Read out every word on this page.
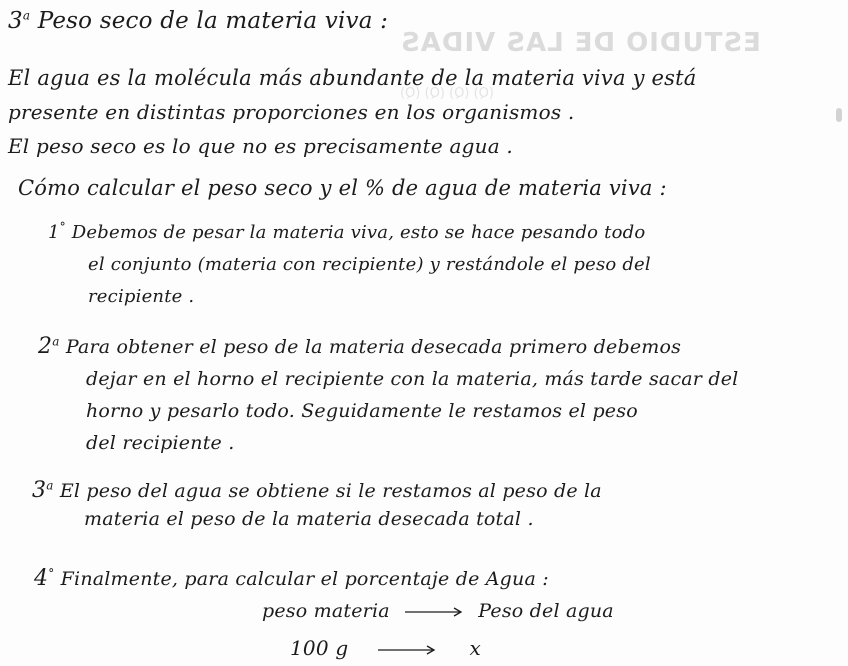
ESTUDIO DE LAS VIDAS
(Q) (Q) (Q) (Q)
3$^a$ Peso seco de la materia viva :
El agua es la molécula más abundante de la materia viva y está
presente en distintas proporciones en los organismos .
El peso seco es lo que no es precisamente agua .
Cómo calcular el peso seco y el % de agua de materia viva :
1° Debemos de pesar la materia viva, esto se hace pesando todo
el conjunto (materia con recipiente) y restándole el peso del
recipiente .
2$^a$ Para obtener el peso de la materia desecada primero debemos
dejar en el horno el recipiente con la materia, más tarde sacar del
horno y pesarlo todo. Seguidamente le restamos el peso
del recipiente .
3$^a$ El peso del agua se obtiene si le restamos al peso de la
materia el peso de la materia desecada total .
4° Finalmente, para calcular el porcentaje de Agua :
peso materia	Peso del agua
100 g	x
